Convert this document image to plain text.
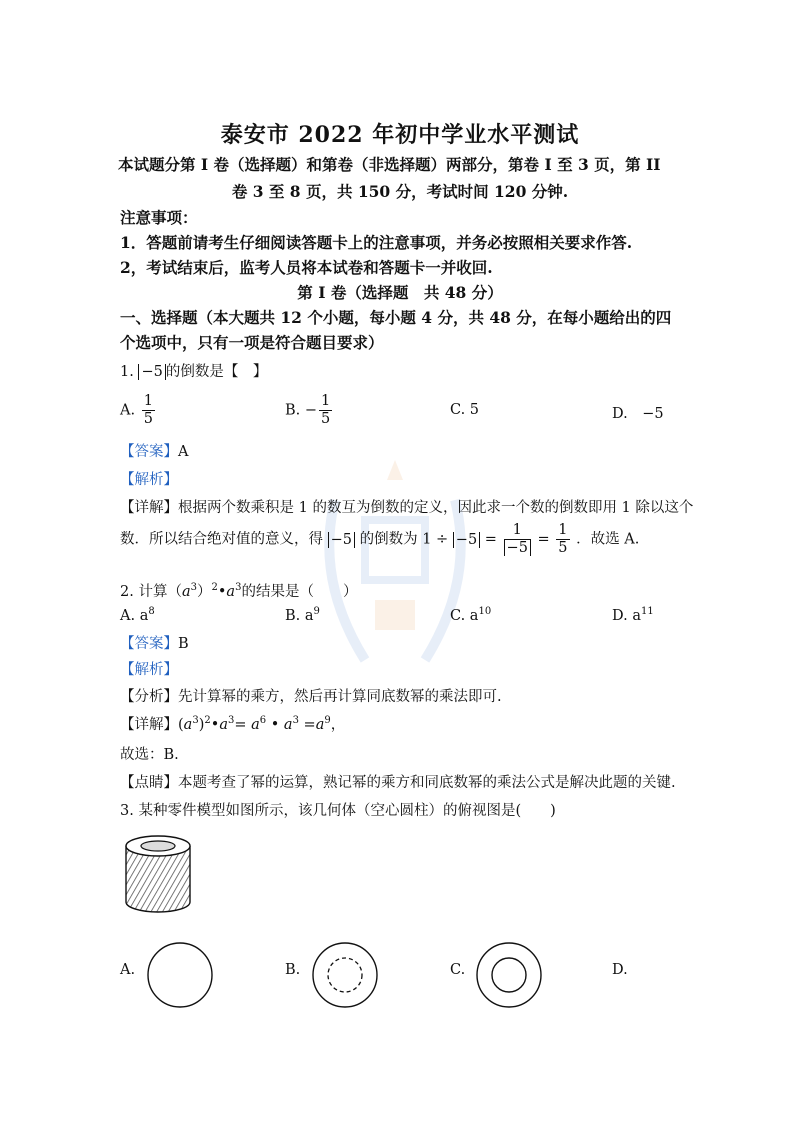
泰安市 2022 年初中学业水平测试
本试题分第 I 卷（选择题）和第卷（非选择题）两部分，第卷 I 至 3 页，第 II
卷 3 至 8 页，共 150 分，考试时间 120 分钟.
注意事项：
1．答题前请考生仔细阅读答题卡上的注意事项，并务必按照相关要求作答.
2，考试结束后，监考人员将本试卷和答题卡一并收回.
第 I 卷（选择题　共 48 分）
一、选择题（本大题共 12 个小题，每小题 4 分，共 48 分，在每小题给出的四
个选项中，只有一项是符合题目要求）
1. −5 的倒数是【　】
A. $\frac{1}{5}$	B. − $\frac{1}{5}$	C. 5	D.　−5
【答案】A
【解析】
【详解】根据两个数乘积是 1 的数互为倒数的定义，因此求一个数的倒数即用 1 除以这个
数．所以结合绝对值的意义，得 −5 的倒数为 $1 \div -5 = \frac{1}{-5} = \frac{1}{5}$ ．故选 A.
2. 计算$(a^3)^2•a^3$的结果是（　　）
A. $a^8$	B. $a^9$	C. $a^{10}$	D. $a^{11}$
【答案】B
【解析】
【分析】先计算幂的乘方，然后再计算同底数幂的乘法即可.
【详解】$(a^3)^2•a^3= a^6$ • $a^3 =a^9$，
故选：B.
【点睛】本题考查了幂的运算，熟记幂的乘方和同底数幂的乘法公式是解决此题的关键.
3. 某种零件模型如图所示，该几何体（空心圆柱）的俯视图是(　　)
A.	B.	C.	D.
